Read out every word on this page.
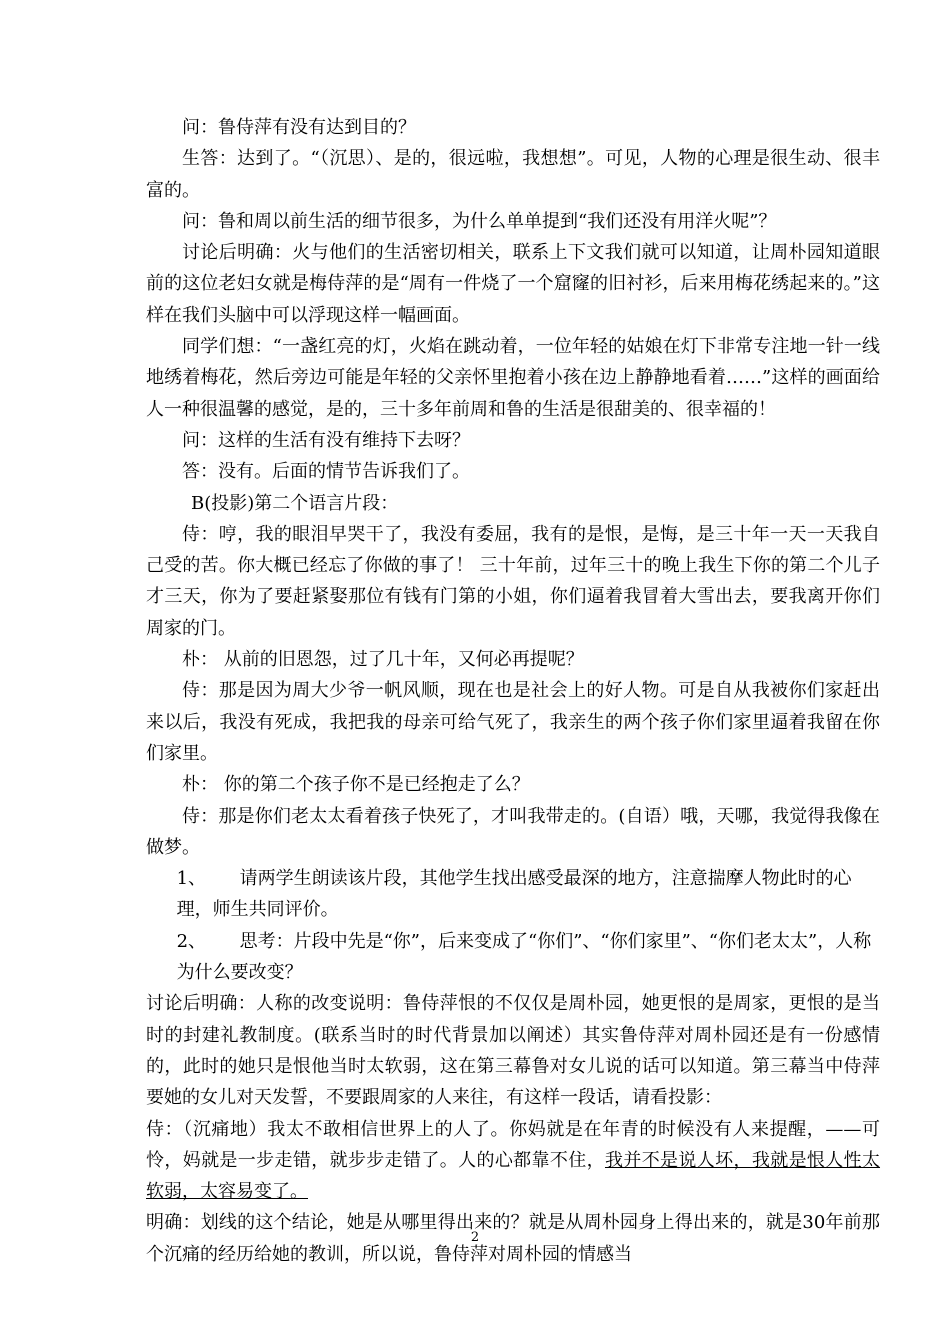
问：鲁侍萍有没有达到目的？

生答：达到了。“（沉思）、是的，很远啦，我想想”。可见，人物的心理是很生动、很丰富的。

问：鲁和周以前生活的细节很多，为什么单单提到“我们还没有用洋火呢”？

讨论后明确：火与他们的生活密切相关，联系上下文我们就可以知道，让周朴园知道眼前的这位老妇女就是梅侍萍的是“周有一件烧了一个窟窿的旧衬衫，后来用梅花绣起来的。”这样在我们头脑中可以浮现这样一幅画面。

同学们想：“一盏红亮的灯，火焰在跳动着，一位年轻的姑娘在灯下非常专注地一针一线地绣着梅花，然后旁边可能是年轻的父亲怀里抱着小孩在边上静静地看着……”这样的画面给人一种很温馨的感觉，是的，三十多年前周和鲁的生活是很甜美的、很幸福的！

问：这样的生活有没有维持下去呀？

答：没有。后面的情节告诉我们了。

B(投影)第二个语言片段：

侍：哼，我的眼泪早哭干了，我没有委屈，我有的是恨，是悔，是三十年一天一天我自己受的苦。你大概已经忘了你做的事了！ 三十年前，过年三十的晚上我生下你的第二个儿子才三天，你为了要赶紧娶那位有钱有门第的小姐，你们逼着我冒着大雪出去，要我离开你们周家的门。

朴： 从前的旧恩怨，过了几十年，又何必再提呢？

侍：那是因为周大少爷一帆风顺，现在也是社会上的好人物。可是自从我被你们家赶出来以后，我没有死成，我把我的母亲可给气死了，我亲生的两个孩子你们家里逼着我留在你们家里。

朴： 你的第二个孩子你不是已经抱走了么？

侍：那是你们老太太看着孩子快死了，才叫我带走的。(自语）哦，天哪，我觉得我像在做梦。

1、 请两学生朗读该片段，其他学生找出感受最深的地方，注意揣摩人物此时的心理，师生共同评价。

2、 思考：片段中先是“你”，后来变成了“你们”、“你们家里”、“你们老太太”，人称为什么要改变？

讨论后明确：人称的改变说明：鲁侍萍恨的不仅仅是周朴园，她更恨的是周家，更恨的是当时的封建礼教制度。(联系当时的时代背景加以阐述）其实鲁侍萍对周朴园还是有一份感情的，此时的她只是恨他当时太软弱，这在第三幕鲁对女儿说的话可以知道。第三幕当中侍萍要她的女儿对天发誓，不要跟周家的人来往，有这样一段话，请看投影：

侍：（沉痛地）我太不敢相信世界上的人了。你妈就是在年青的时候没有人来提醒，——可怜，妈就是一步走错，就步步走错了。人的心都靠不住，我并不是说人坏，我就是恨人性太软弱，太容易变了。

明确：划线的这个结论，她是从哪里得出来的？就是从周朴园身上得出来的，就是30年前那个沉痛的经历给她的教训，所以说，鲁侍萍对周朴园的情感当

2
